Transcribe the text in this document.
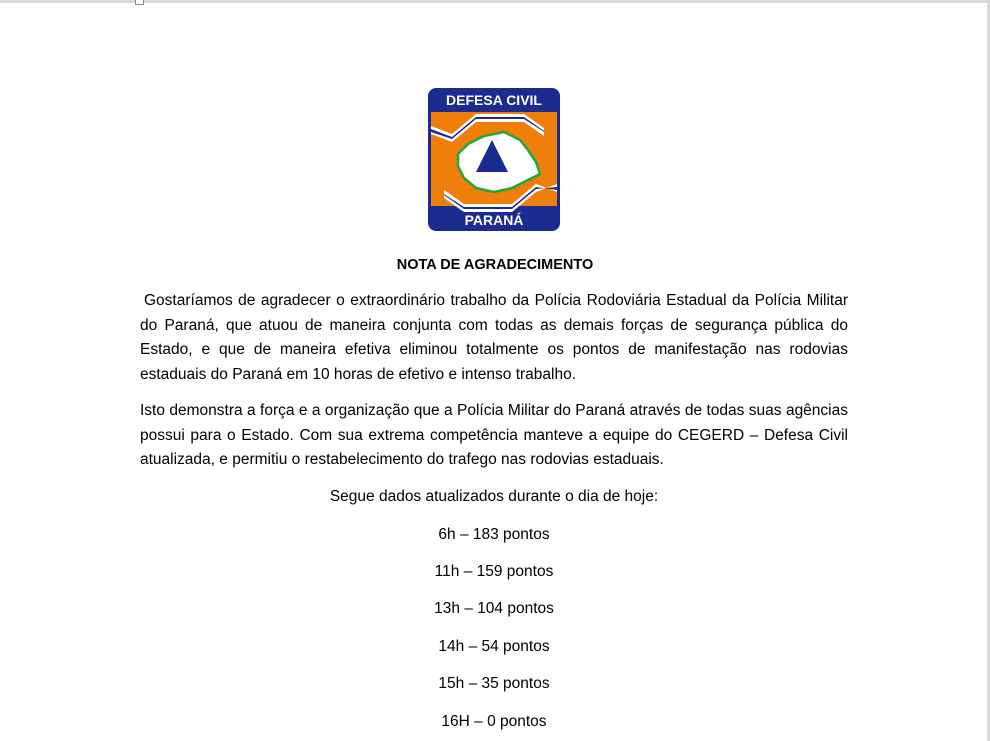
DEFESA CIVIL
PARANÁ
NOTA DE AGRADECIMENTO
Gostaríamos de agradecer o extraordinário trabalho da Polícia Rodoviária Estadual da Polícia Militar do Paraná, que atuou de maneira conjunta com todas as demais forças de segurança pública do Estado, e que de maneira efetiva eliminou totalmente os pontos de manifestação nas rodovias estaduais do Paraná em 10 horas de efetivo e intenso trabalho.
Isto demonstra a força e a organização que a Polícia Militar do Paraná através de todas suas agências possui para o Estado. Com sua extrema competência manteve a equipe do CEGERD – Defesa Civil atualizada, e permitiu o restabelecimento do trafego nas rodovias estaduais.
Segue dados atualizados durante o dia de hoje:
6h – 183 pontos
11h – 159 pontos
13h – 104 pontos
14h – 54 pontos
15h – 35 pontos
16H – 0 pontos
